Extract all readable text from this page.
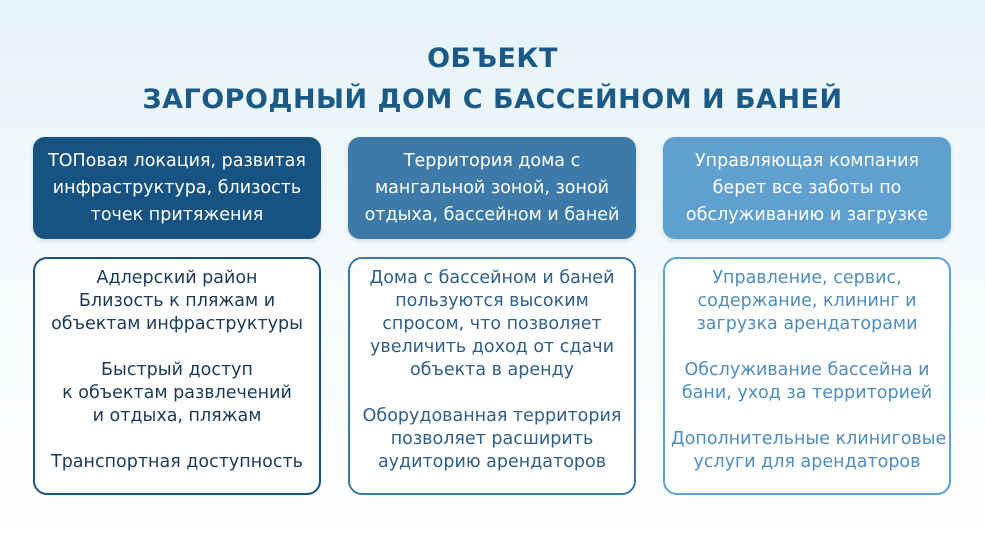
ОБЪЕКТ
ЗАГОРОДНЫЙ ДОМ С БАССЕЙНОМ И БАНЕЙ
ТОПовая локация, развитая
инфраструктура, близость
точек притяжения
Территория дома с
мангальной зоной, зоной
отдыха, бассейном и баней
Управляющая компания
берет все заботы по
обслуживанию и загрузке
Адлерский район
Близость к пляжам и
объектам инфраструктуры
Быстрый доступ
к объектам развлечений
и отдыха, пляжам
Транспортная доступность
Дома с бассейном и баней
пользуются высоким
спросом, что позволяет
увеличить доход от сдачи
объекта в аренду
Оборудованная территория
позволяет расширить
аудиторию арендаторов
Управление, сервис,
содержание, клининг и
загрузка арендаторами
Обслуживание бассейна и
бани, уход за территорией
Дополнительные клиниговые
услуги для арендаторов
